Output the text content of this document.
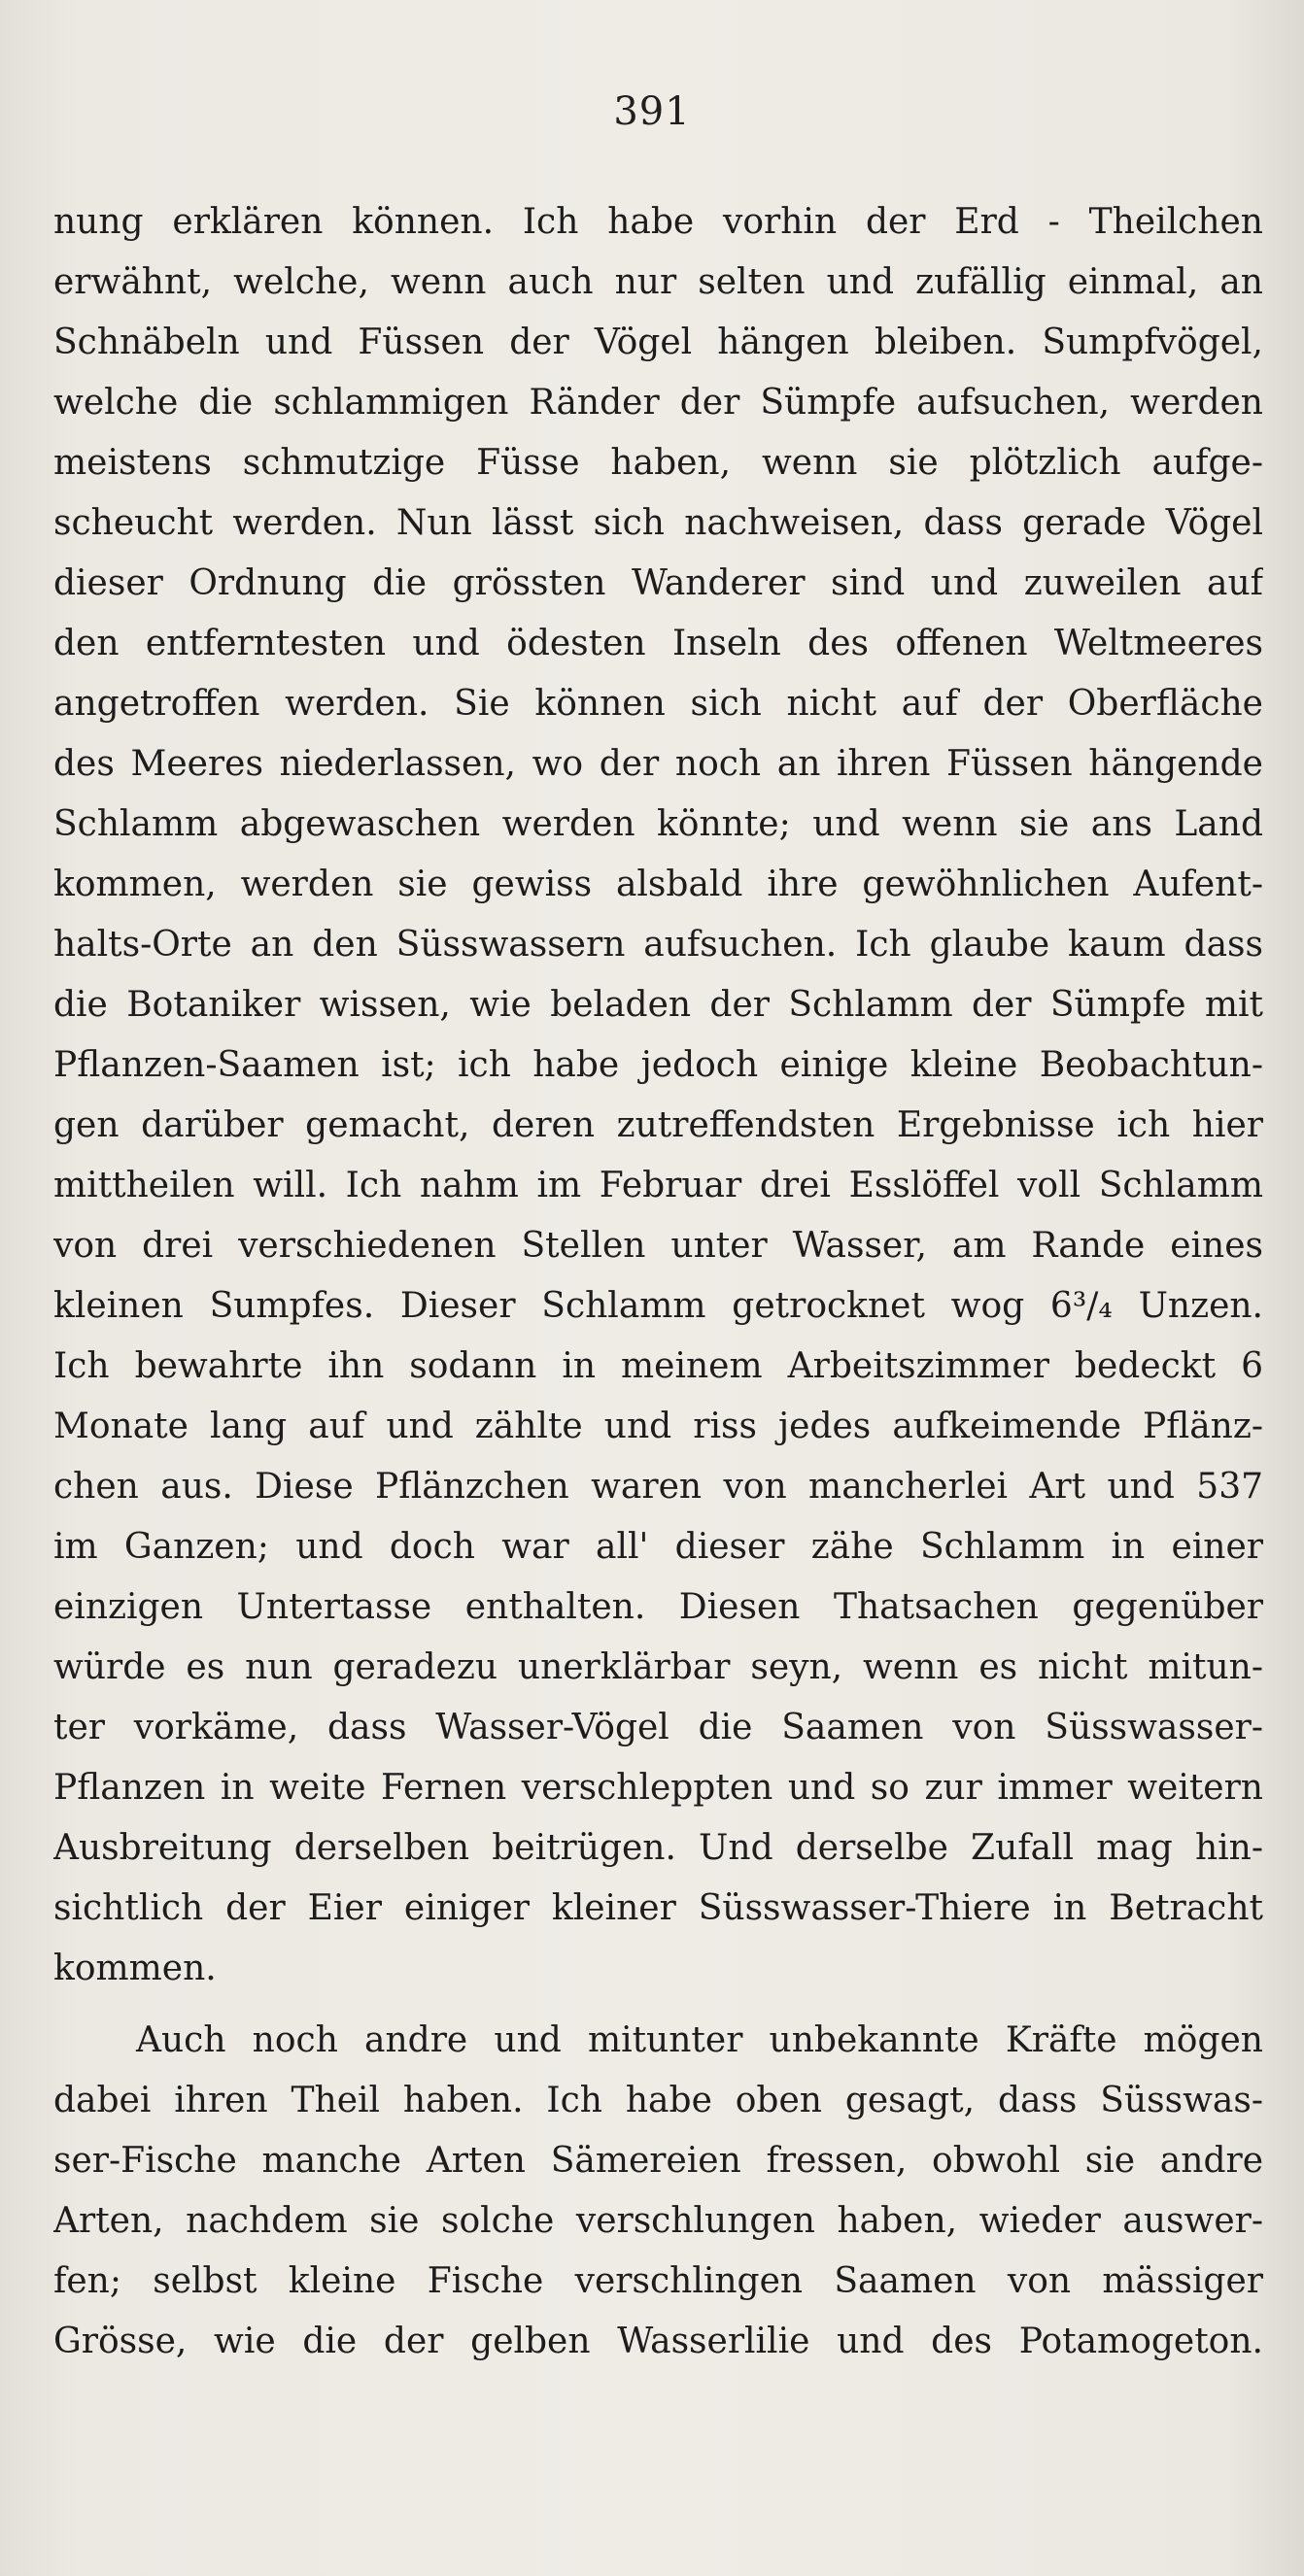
391
nung erklären können. Ich habe vorhin der Erd - Theilchen
erwähnt, welche, wenn auch nur selten und zufällig einmal, an
Schnäbeln und Füssen der Vögel hängen bleiben. Sumpfvögel,
welche die schlammigen Ränder der Sümpfe aufsuchen, werden
meistens schmutzige Füsse haben, wenn sie plötzlich aufge-
scheucht werden. Nun lässt sich nachweisen, dass gerade Vögel
dieser Ordnung die grössten Wanderer sind und zuweilen auf
den entferntesten und ödesten Inseln des offenen Weltmeeres
angetroffen werden. Sie können sich nicht auf der Oberfläche
des Meeres niederlassen, wo der noch an ihren Füssen hängende
Schlamm abgewaschen werden könnte; und wenn sie ans Land
kommen, werden sie gewiss alsbald ihre gewöhnlichen Aufent-
halts-Orte an den Süsswassern aufsuchen. Ich glaube kaum dass
die Botaniker wissen, wie beladen der Schlamm der Sümpfe mit
Pflanzen-Saamen ist; ich habe jedoch einige kleine Beobachtun-
gen darüber gemacht, deren zutreffendsten Ergebnisse ich hier
mittheilen will. Ich nahm im Februar drei Esslöffel voll Schlamm
von drei verschiedenen Stellen unter Wasser, am Rande eines
kleinen Sumpfes. Dieser Schlamm getrocknet wog 6³/₄ Unzen.
Ich bewahrte ihn sodann in meinem Arbeitszimmer bedeckt 6
Monate lang auf und zählte und riss jedes aufkeimende Pflänz-
chen aus. Diese Pflänzchen waren von mancherlei Art und 537
im Ganzen; und doch war all' dieser zähe Schlamm in einer
einzigen Untertasse enthalten. Diesen Thatsachen gegenüber
würde es nun geradezu unerklärbar seyn, wenn es nicht mitun-
ter vorkäme, dass Wasser-Vögel die Saamen von Süsswasser-
Pflanzen in weite Fernen verschleppten und so zur immer weitern
Ausbreitung derselben beitrügen. Und derselbe Zufall mag hin-
sichtlich der Eier einiger kleiner Süsswasser-Thiere in Betracht
kommen.
Auch noch andre und mitunter unbekannte Kräfte mögen
dabei ihren Theil haben. Ich habe oben gesagt, dass Süsswas-
ser-Fische manche Arten Sämereien fressen, obwohl sie andre
Arten, nachdem sie solche verschlungen haben, wieder auswer-
fen; selbst kleine Fische verschlingen Saamen von mässiger
Grösse, wie die der gelben Wasserlilie und des Potamogeton.
